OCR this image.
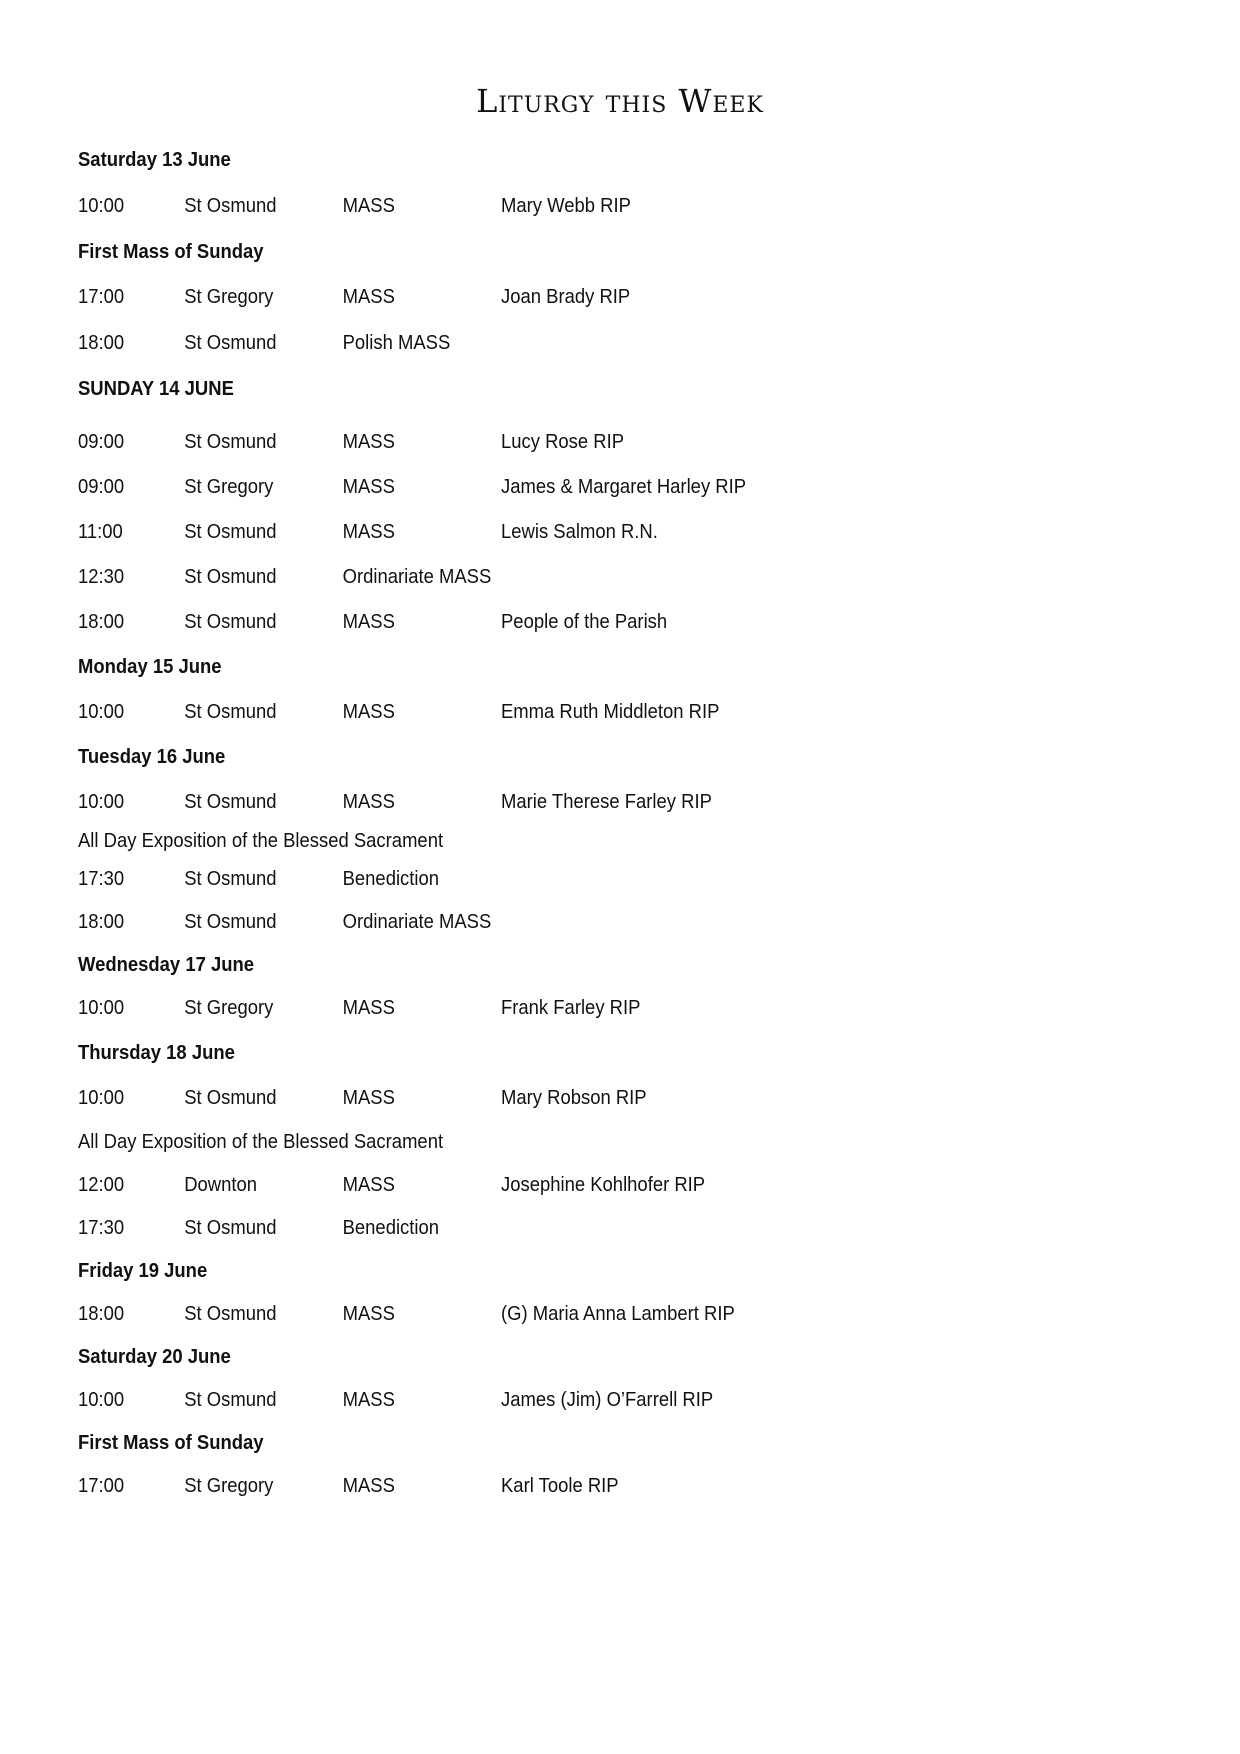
Liturgy this Week
Saturday 13 June
10:00	St Osmund	MASS	Mary Webb RIP
First Mass of Sunday
17:00	St Gregory	MASS	Joan Brady RIP
18:00	St Osmund	Polish MASS
SUNDAY 14 JUNE
09:00	St Osmund	MASS	Lucy Rose RIP
09:00	St Gregory	MASS	James & Margaret Harley RIP
11:00	St Osmund	MASS	Lewis Salmon R.N.
12:30	St Osmund	Ordinariate MASS
18:00	St Osmund	MASS	People of the Parish
Monday 15 June
10:00	St Osmund	MASS	Emma Ruth Middleton RIP
Tuesday 16 June
10:00	St Osmund	MASS	Marie Therese Farley RIP
All Day Exposition of the Blessed Sacrament
17:30	St Osmund	Benediction
18:00	St Osmund	Ordinariate MASS
Wednesday 17 June
10:00	St Gregory	MASS	Frank Farley RIP
Thursday 18 June
10:00	St Osmund	MASS	Mary Robson RIP
All Day Exposition of the Blessed Sacrament
12:00	Downton	MASS	Josephine Kohlhofer RIP
17:30	St Osmund	Benediction
Friday 19 June
18:00	St Osmund	MASS	(G) Maria Anna Lambert RIP
Saturday 20 June
10:00	St Osmund	MASS	James (Jim) O’Farrell RIP
First Mass of Sunday
17:00	St Gregory	MASS	Karl Toole RIP
